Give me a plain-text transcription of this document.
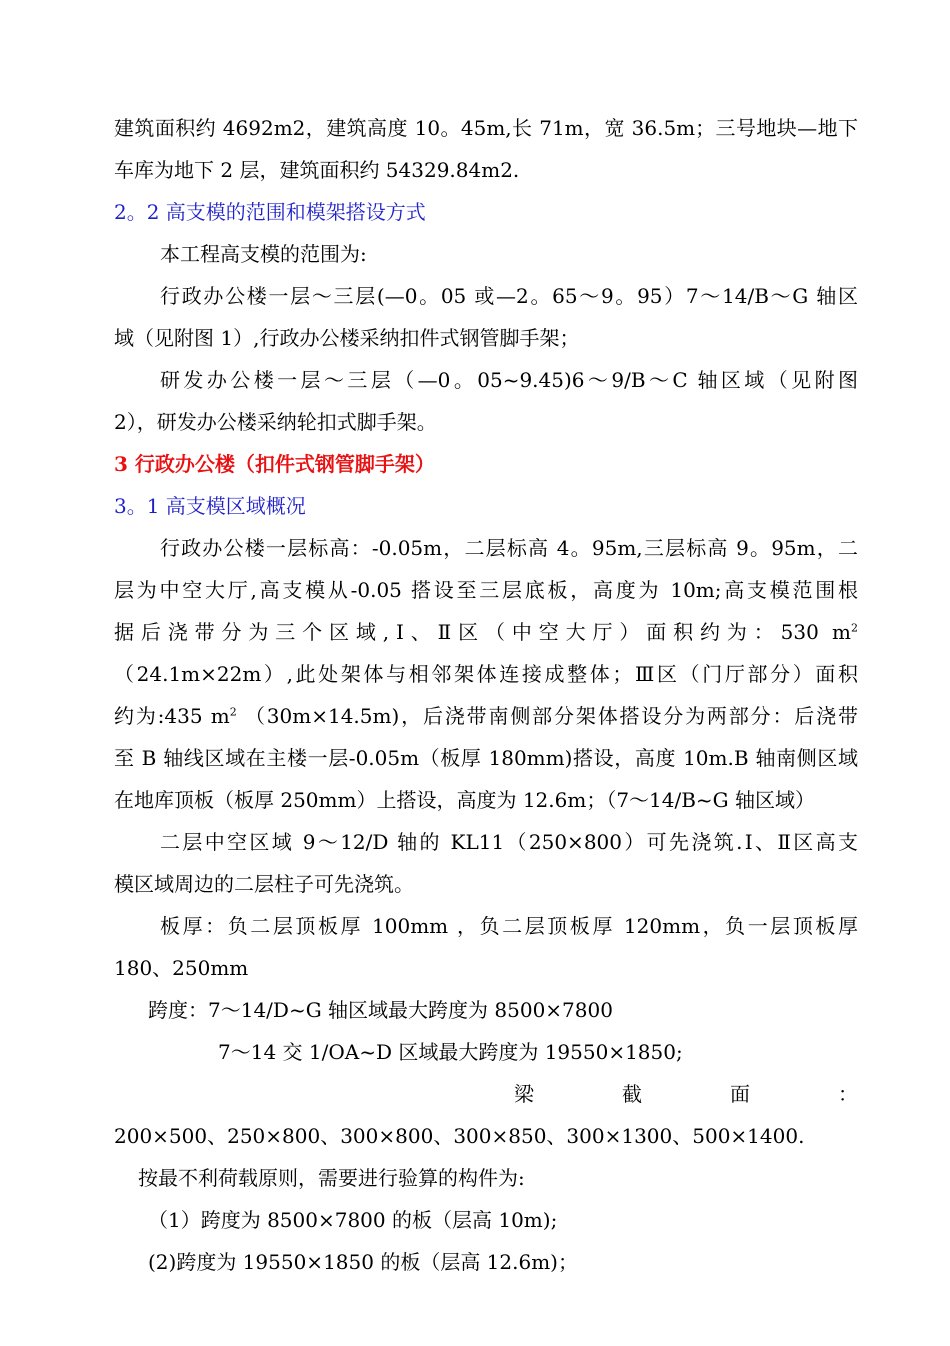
建筑面积约 4692m2，建筑高度 10。45m,长 71m，宽 36.5m；三号地块—地下
车库为地下 2 层，建筑面积约 54329.84m2.
2。2 高支模的范围和模架搭设方式
本工程高支模的范围为:
行政办公楼一层～三层(—0。05 或—2。65～9。95）7～14/B～G 轴区
域（见附图 1）,行政办公楼采纳扣件式钢管脚手架；
研发办公楼一层～三层（—0。05~9.45)6～9/B～C 轴区域（见附图
2），研发办公楼采纳轮扣式脚手架。
3 行政办公楼（扣件式钢管脚手架）
3。1 高支模区域概况
行政办公楼一层标高：-0.05m，二层标高 4。95m,三层标高 9。95m，二
层为中空大厅,高支模从-0.05 搭设至三层底板，高度为 10m;高支模范围根
据后浇带分为三个区域,Ⅰ、Ⅱ区（中空大厅）面积约为：530 $m^2$
（24.1m×22m）,此处架体与相邻架体连接成整体；Ⅲ区（门厅部分）面积
约为:435 $m^2$ （30m×14.5m)，后浇带南侧部分架体搭设分为两部分：后浇带
至 B 轴线区域在主楼一层-0.05m（板厚 180mm)搭设，高度 10m.B 轴南侧区域
在地库顶板（板厚 250mm）上搭设，高度为 12.6m；（7～14/B~G 轴区域）
二层中空区域 9～12/D 轴的 KL11（250×800）可先浇筑.Ⅰ、Ⅱ区高支
模区域周边的二层柱子可先浇筑。
板厚：负二层顶板厚 100mm ，负二层顶板厚 120mm，负一层顶板厚
180、250mm
跨度：7～14/D~G 轴区域最大跨度为 8500×7800
7～14 交 1/OA~D 区域最大跨度为 19550×1850;
梁	截	面	：
200×500、250×800、300×800、300×850、300×1300、500×1400.
按最不利荷载原则，需要进行验算的构件为:
（1）跨度为 8500×7800 的板（层高 10m);
(2)跨度为 19550×1850 的板（层高 12.6m)；
